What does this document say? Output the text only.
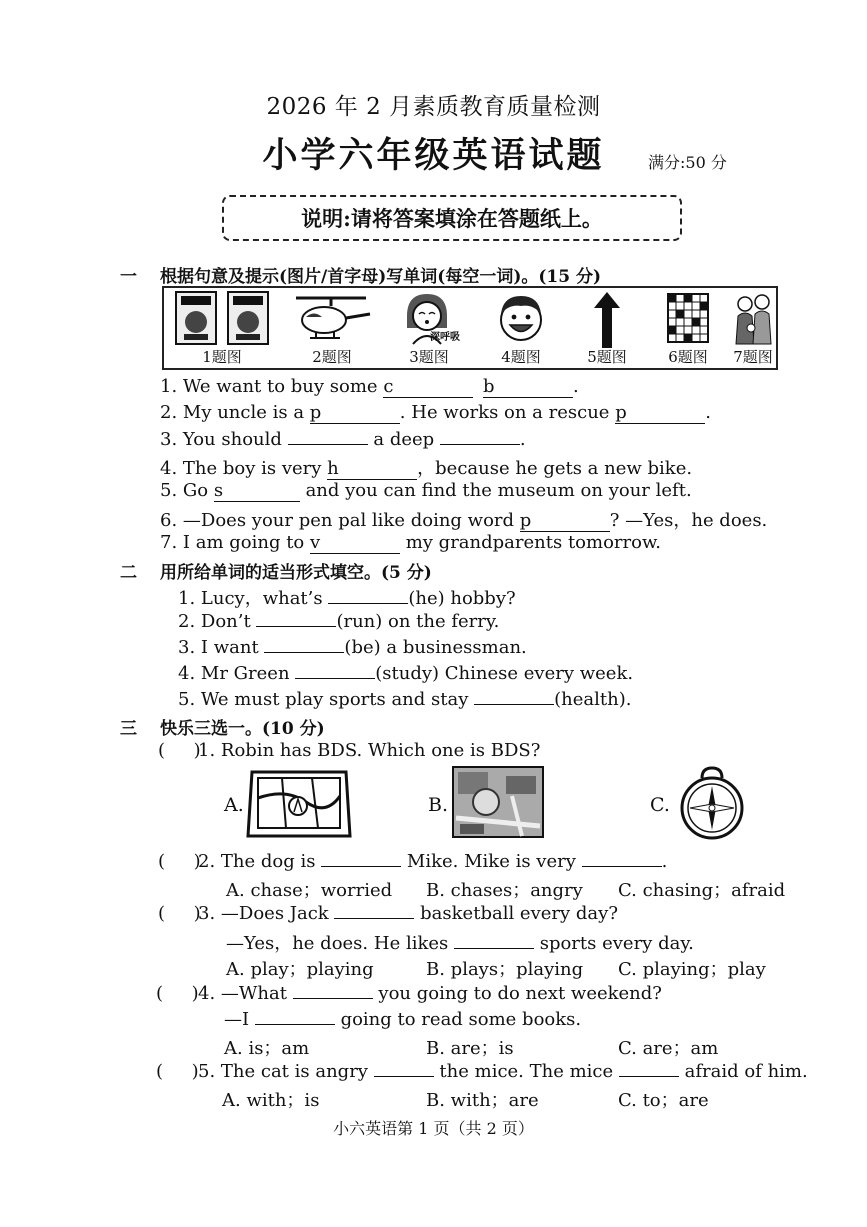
2026 年 2 月素质教育质量检测
小学六年级英语试题	满分:50 分
说明:请将答案填涂在答题纸上。
一 根据句意及提示(图片/首字母)写单词(每空一词)。(15 分)
1题图	2题图
深呼吸
3题图	4题图	5题图	6题图	7题图
1. We want to buy some c	b	.
2. My uncle is a p	. He works on a rescue p	.
3. You should	a deep	.
4. The boy is very h	，because he gets a new bike.
5. Go s	and you can find the museum on your left.
6. —Does your pen pal like doing word p	? —Yes，he does.
7. I am going to v	my grandparents tomorrow.
二 用所给单词的适当形式填空。(5 分)
1. Lucy，what’s	(he) hobby?
2. Don’t	(run) on the ferry.
3. I want	(be) a businessman.
4. Mr Green	(study) Chinese every week.
5. We must play sports and stay	(health).
三 快乐三选一。(10 分)
(     )1. Robin has BDS. Which one is BDS?
A.	B.	C.
(     )2. The dog is	Mike. Mike is very	.
A. chase；worried B. chases；angry C. chasing；afraid
(     )3. —Does Jack	basketball every day?
—Yes，he does. He likes	sports every day.
A. play；playing	B. plays；playing C. playing；play
(     )4. —What	you going to do next weekend?
—I	going to read some books.
A. is；am	B. are；is	C. are；am
(     )5. The cat is angry	the mice. The mice	afraid of him.
A. with；is	B. with；are	C. to；are
小六英语第 1 页（共 2 页）
